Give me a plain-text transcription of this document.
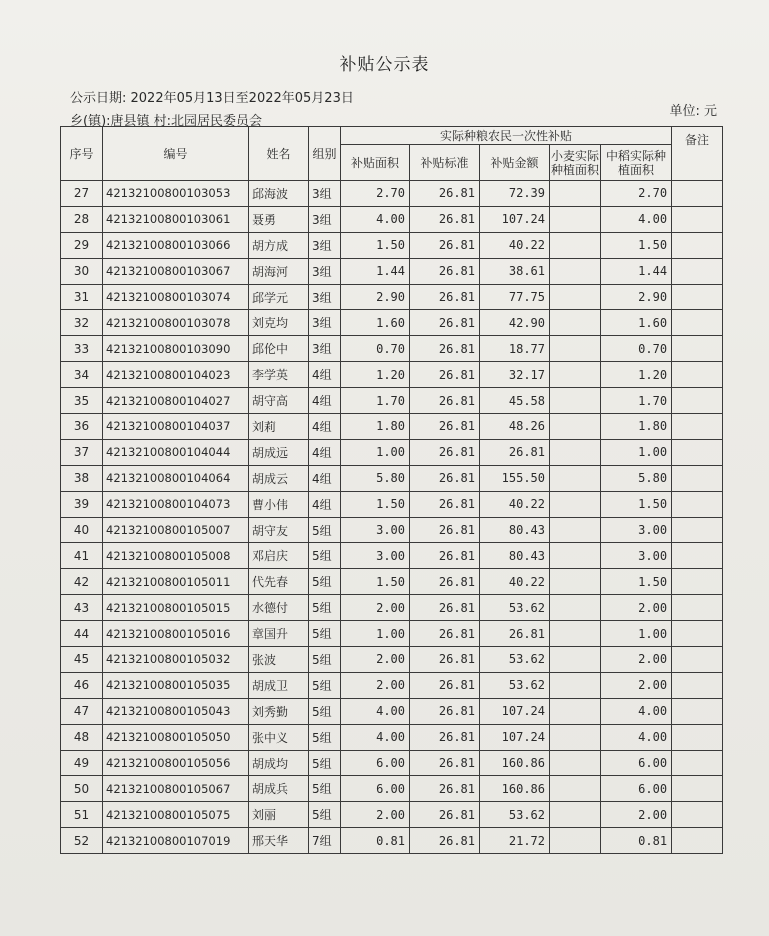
补贴公示表
公示日期: 2022年05月13日至2022年05月23日
乡(镇):唐县镇 村:北园居民委员会
单位: 元
序号	编号	姓名	组别	实际种粮农民一次性补贴					备注
				补贴面积	补贴标准	补贴金额	小麦实际种植面积	中稻实际种植面积	
27	42132100800103053	邱海波	3组	2.70	26.81	72.39		2.70	
28	42132100800103061	聂勇	3组	4.00	26.81	107.24		4.00	
29	42132100800103066	胡方成	3组	1.50	26.81	40.22		1.50	
30	42132100800103067	胡海河	3组	1.44	26.81	38.61		1.44	
31	42132100800103074	邱学元	3组	2.90	26.81	77.75		2.90	
32	42132100800103078	刘克均	3组	1.60	26.81	42.90		1.60	
33	42132100800103090	邱伦中	3组	0.70	26.81	18.77		0.70	
34	42132100800104023	李学英	4组	1.20	26.81	32.17		1.20	
35	42132100800104027	胡守高	4组	1.70	26.81	45.58		1.70	
36	42132100800104037	刘莉	4组	1.80	26.81	48.26		1.80	
37	42132100800104044	胡成远	4组	1.00	26.81	26.81		1.00	
38	42132100800104064	胡成云	4组	5.80	26.81	155.50		5.80	
39	42132100800104073	曹小伟	4组	1.50	26.81	40.22		1.50	
40	42132100800105007	胡守友	5组	3.00	26.81	80.43		3.00	
41	42132100800105008	邓启庆	5组	3.00	26.81	80.43		3.00	
42	42132100800105011	代先春	5组	1.50	26.81	40.22		1.50	
43	42132100800105015	水德付	5组	2.00	26.81	53.62		2.00	
44	42132100800105016	章国升	5组	1.00	26.81	26.81		1.00	
45	42132100800105032	张波	5组	2.00	26.81	53.62		2.00	
46	42132100800105035	胡成卫	5组	2.00	26.81	53.62		2.00	
47	42132100800105043	刘秀勤	5组	4.00	26.81	107.24		4.00	
48	42132100800105050	张中义	5组	4.00	26.81	107.24		4.00	
49	42132100800105056	胡成均	5组	6.00	26.81	160.86		6.00	
50	42132100800105067	胡成兵	5组	6.00	26.81	160.86		6.00	
51	42132100800105075	刘丽	5组	2.00	26.81	53.62		2.00	
52	42132100800107019	邢天华	7组	0.81	26.81	21.72		0.81	
